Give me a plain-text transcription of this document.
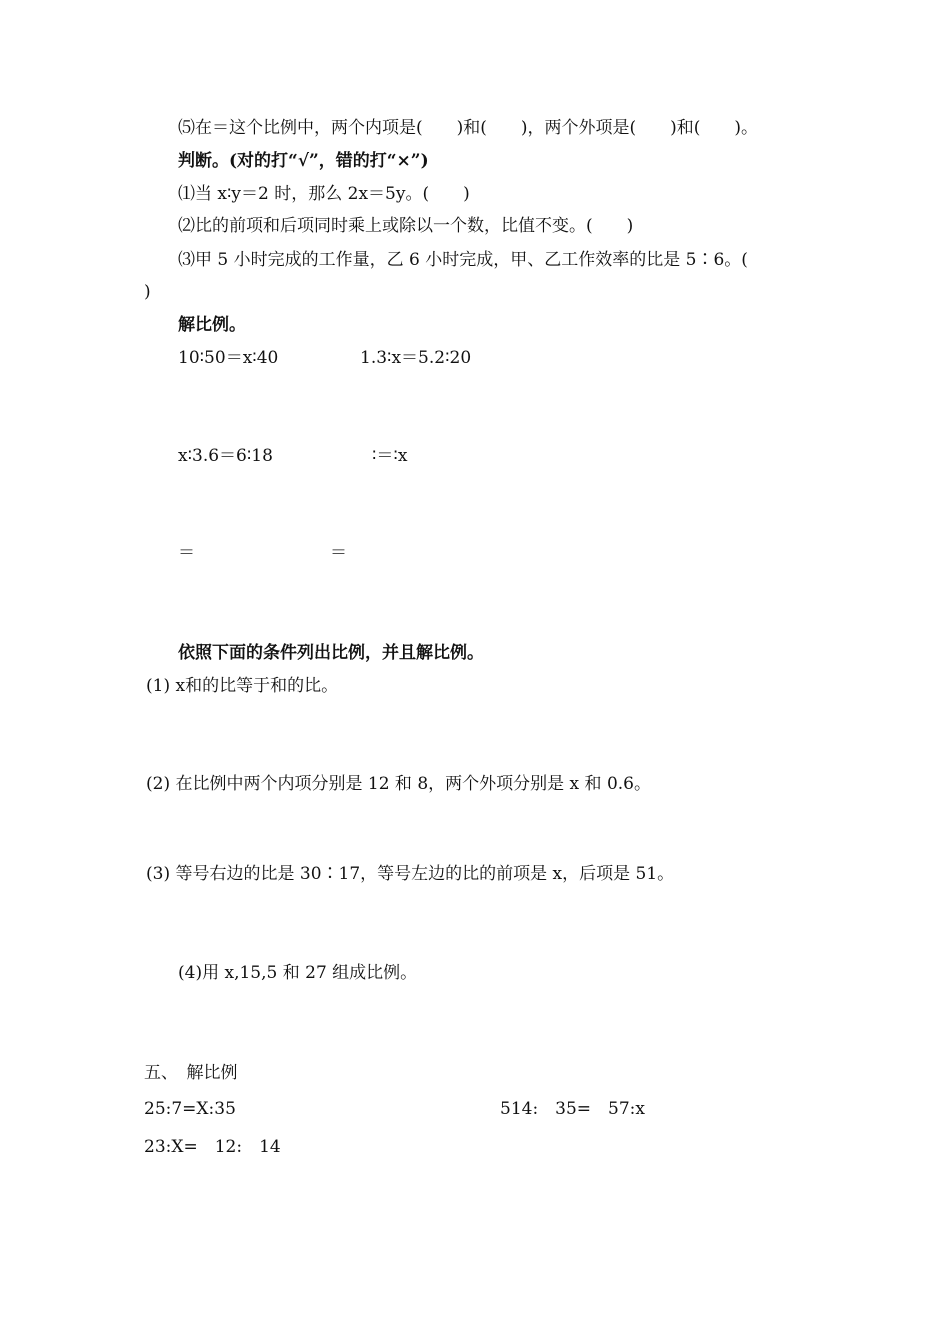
⑸在＝这个比例中，两个内项是(　　)和(　　)，两个外项是(　　)和(　　)。
判断。(对的打“√”，错的打“×”)
⑴当 x∶y＝2 时，那么 2x＝5y。(　　)
⑵比的前项和后项同时乘上或除以一个数，比值不变。(　　)
⑶甲 5 小时完成的工作量，乙 6 小时完成，甲、乙工作效率的比是 5∶6。(
)
解比例。
10∶50＝x∶40	1.3∶x＝5.2∶20
x∶3.6＝6∶18	∶＝∶x
＝	＝
依照下面的条件列出比例，并且解比例。
(1) x和的比等于和的比。
(2) 在比例中两个内项分别是 12 和 8，两个外项分别是 x 和 0.6。
(3) 等号右边的比是 30∶17，等号左边的比的前项是 x，后项是 51。
(4)用 x,15,5 和 27 组成比例。
五、　解比例
25:7=X:35	514:　35=　57:x
23:X=　12:　14
